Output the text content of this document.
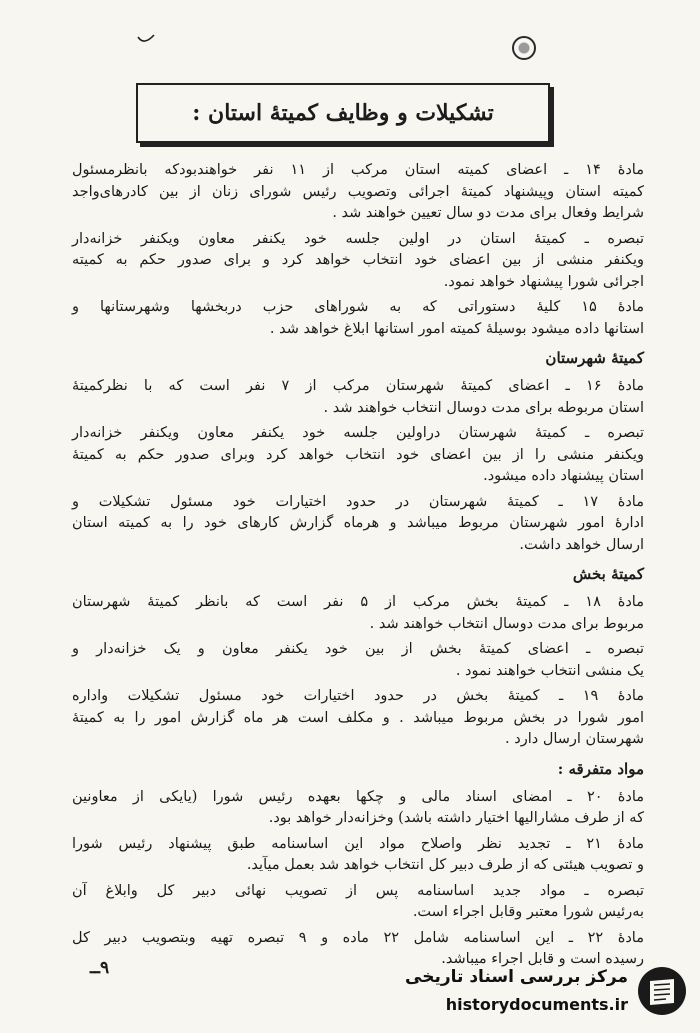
تشکیلات و وظایف کمیتهٔ استان :
مادهٔ ۱۴ ـ اعضای کمیته استان مرکب از ۱۱ نفر خواهندبودکه بانظرمسئول
کمیته استان وپیشنهاد کمیتهٔ اجرائی وتصویب رئیس شورای زنان از بین کادرهای‌واجد
شرایط وفعال برای مدت دو سال تعیین خواهند شد .
تبصره ـ کمیتهٔ استان در اولین جلسه خود یکنفر معاون ویکنفر خزانه‌دار
ویکنفر منشی از بین اعضای خود انتخاب خواهد کرد و برای صدور حکم به کمیته
اجرائی شورا پیشنهاد خواهد نمود.
مادهٔ ۱۵ کلیهٔ دستوراتی که به شوراهای حزب دربخشها وشهرستانها و
استانها داده میشود بوسیلهٔ کمیته امور استانها ابلاغ خواهد شد .
کمیتهٔ شهرستان
مادهٔ ۱۶ ـ اعضای کمیتهٔ شهرستان مرکب از ۷ نفر است که با نظرکمیتهٔ
استان مربوطه برای مدت دوسال انتخاب خواهند شد .
تبصره ـ کمیتهٔ شهرستان دراولین جلسه خود یکنفر معاون ویکنفر خزانه‌دار
ویکنفر منشی را از بین اعضای خود انتخاب خواهد کرد وبرای صدور حکم به کمیتهٔ
استان پیشنهاد داده میشود.
مادهٔ ۱۷ ـ کمیتهٔ شهرستان در حدود اختیارات خود مسئول تشکیلات و
ادارهٔ امور شهرستان مربوط میباشد و هرماه گزارش کارهای خود را به کمیته استان
ارسال خواهد داشت.
کمیتهٔ بخش
مادهٔ ۱۸ ـ کمیتهٔ بخش مرکب از ۵ نفر است که بانظر کمیتهٔ شهرستان
مربوط برای مدت دوسال انتخاب خواهند شد .
تبصره ـ اعضای کمیتهٔ بخش از بین خود یکنفر معاون و یک خزانه‌دار و
یک منشی انتخاب خواهند نمود .
مادهٔ ۱۹ ـ کمیتهٔ بخش در حدود اختیارات خود مسئول تشکیلات واداره
امور شورا در بخش مربوط میباشد . و مکلف است هر ماه گزارش امور را به کمیتهٔ
شهرستان ارسال دارد .
مواد متفرقه :
مادهٔ ۲۰ ـ امضای اسناد مالی و چکها بعهده رئیس شورا (یایکی از معاونین
که از طرف مشارالیها اختیار داشته باشد) وخزانه‌دار خواهد بود.
مادهٔ ۲۱ ـ تجدید نظر واصلاح مواد این اساسنامه طبق پیشنهاد رئیس شورا
و تصویب هیئتی که از طرف دبیر کل انتخاب خواهد شد بعمل میآید.
تبصره ـ مواد جدید اساسنامه پس از تصویب نهائی دبیر کل وابلاغ آن
به‌رئیس شورا معتبر وقابل اجراء است.
مادهٔ ۲۲ ـ این اساسنامه شامل ۲۲ ماده و ۹ تبصره تهیه وبتصویب دبیر کل
رسیده است و قابل اجراء میباشد.
۹ــ	مرکز بررسی اسناد تاریخی
historydocuments.ir
